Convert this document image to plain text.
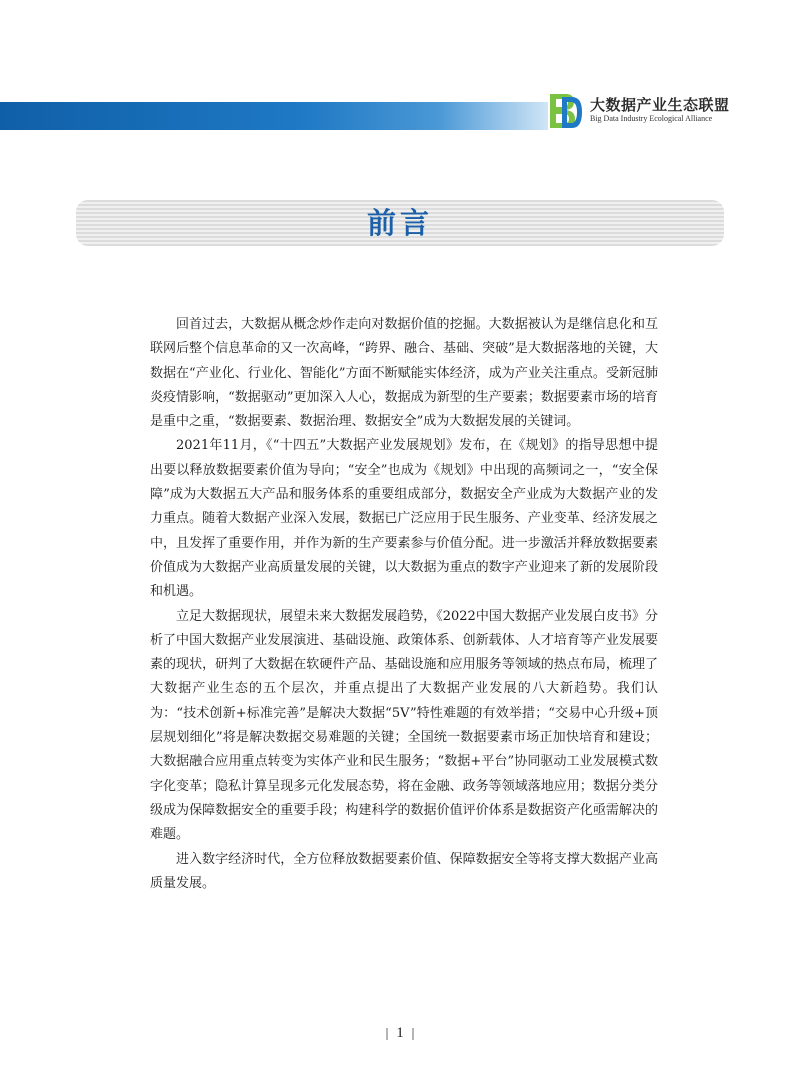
大数据产业生态联盟
Big Data Industry Ecological Alliance
前言

回首过去，大数据从概念炒作走向对数据价值的挖掘。大数据被认为是继信息化和互联网后整个信息革命的又一次高峰，“跨界、融合、基础、突破”是大数据落地的关键，大数据在“产业化、行业化、智能化”方面不断赋能实体经济，成为产业关注重点。受新冠肺炎疫情影响，“数据驱动”更加深入人心，数据成为新型的生产要素；数据要素市场的培育是重中之重，“数据要素、数据治理、数据安全”成为大数据发展的关键词。

2021年11月，《“十四五”大数据产业发展规划》发布，在《规划》的指导思想中提出要以释放数据要素价值为导向；“安全”也成为《规划》中出现的高频词之一，“安全保障”成为大数据五大产品和服务体系的重要组成部分，数据安全产业成为大数据产业的发力重点。随着大数据产业深入发展，数据已广泛应用于民生服务、产业变革、经济发展之中，且发挥了重要作用，并作为新的生产要素参与价值分配。进一步激活并释放数据要素价值成为大数据产业高质量发展的关键，以大数据为重点的数字产业迎来了新的发展阶段和机遇。

立足大数据现状，展望未来大数据发展趋势，《2022中国大数据产业发展白皮书》分析了中国大数据产业发展演进、基础设施、政策体系、创新载体、人才培育等产业发展要素的现状，研判了大数据在软硬件产品、基础设施和应用服务等领域的热点布局，梳理了大数据产业生态的五个层次，并重点提出了大数据产业发展的八大新趋势。我们认为：“技术创新+标准完善”是解决大数据“5V”特性难题的有效举措；“交易中心升级+顶层规划细化”将是解决数据交易难题的关键；全国统一数据要素市场正加快培育和建设；大数据融合应用重点转变为实体产业和民生服务；“数据+平台”协同驱动工业发展模式数字化变革；隐私计算呈现多元化发展态势，将在金融、政务等领域落地应用；数据分类分级成为保障数据安全的重要手段；构建科学的数据价值评价体系是数据资产化亟需解决的难题。

进入数字经济时代，全方位释放数据要素价值、保障数据安全等将支撑大数据产业高质量发展。

1
